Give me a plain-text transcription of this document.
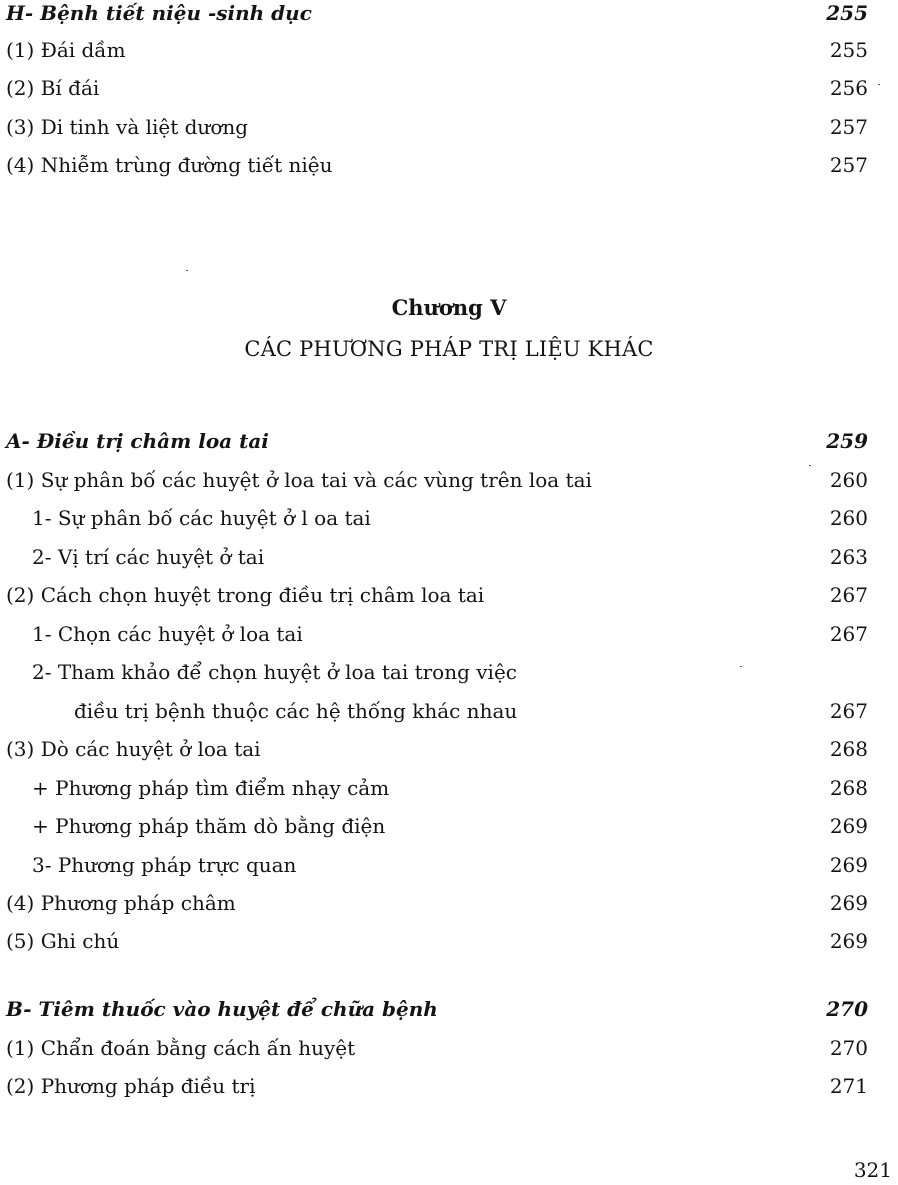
H- Bệnh tiết niệu -sinh dục	255
(1) Đái dầm	255
(2) Bí đái	256
(3) Di tinh và liệt dương	257
(4) Nhiễm trùng đường tiết niệu	257
Chương V
CÁC PHƯƠNG PHÁP TRỊ LIỆU KHÁC
A- Điều trị châm loa tai	259
(1) Sự phân bố các huyệt ở loa tai và các vùng trên loa tai	260
1- Sự phân bố các huyệt ở l oa tai	260
2- Vị trí các huyệt ở tai	263
(2) Cách chọn huyệt trong điều trị châm loa tai	267
1- Chọn các huyệt ở loa tai	267
2- Tham khảo để chọn huyệt ở loa tai trong việc
điều trị bệnh thuộc các hệ thống khác nhau	267
(3) Dò các huyệt ở loa tai	268
+ Phương pháp tìm điểm nhạy cảm	268
+ Phương pháp thăm dò bằng điện	269
3- Phương pháp trực quan	269
(4) Phương pháp châm	269
(5) Ghi chú	269
B- Tiêm thuốc vào huyệt để chữa bệnh	270
(1) Chẩn đoán bằng cách ấn huyệt	270
(2) Phương pháp điều trị	271
321
